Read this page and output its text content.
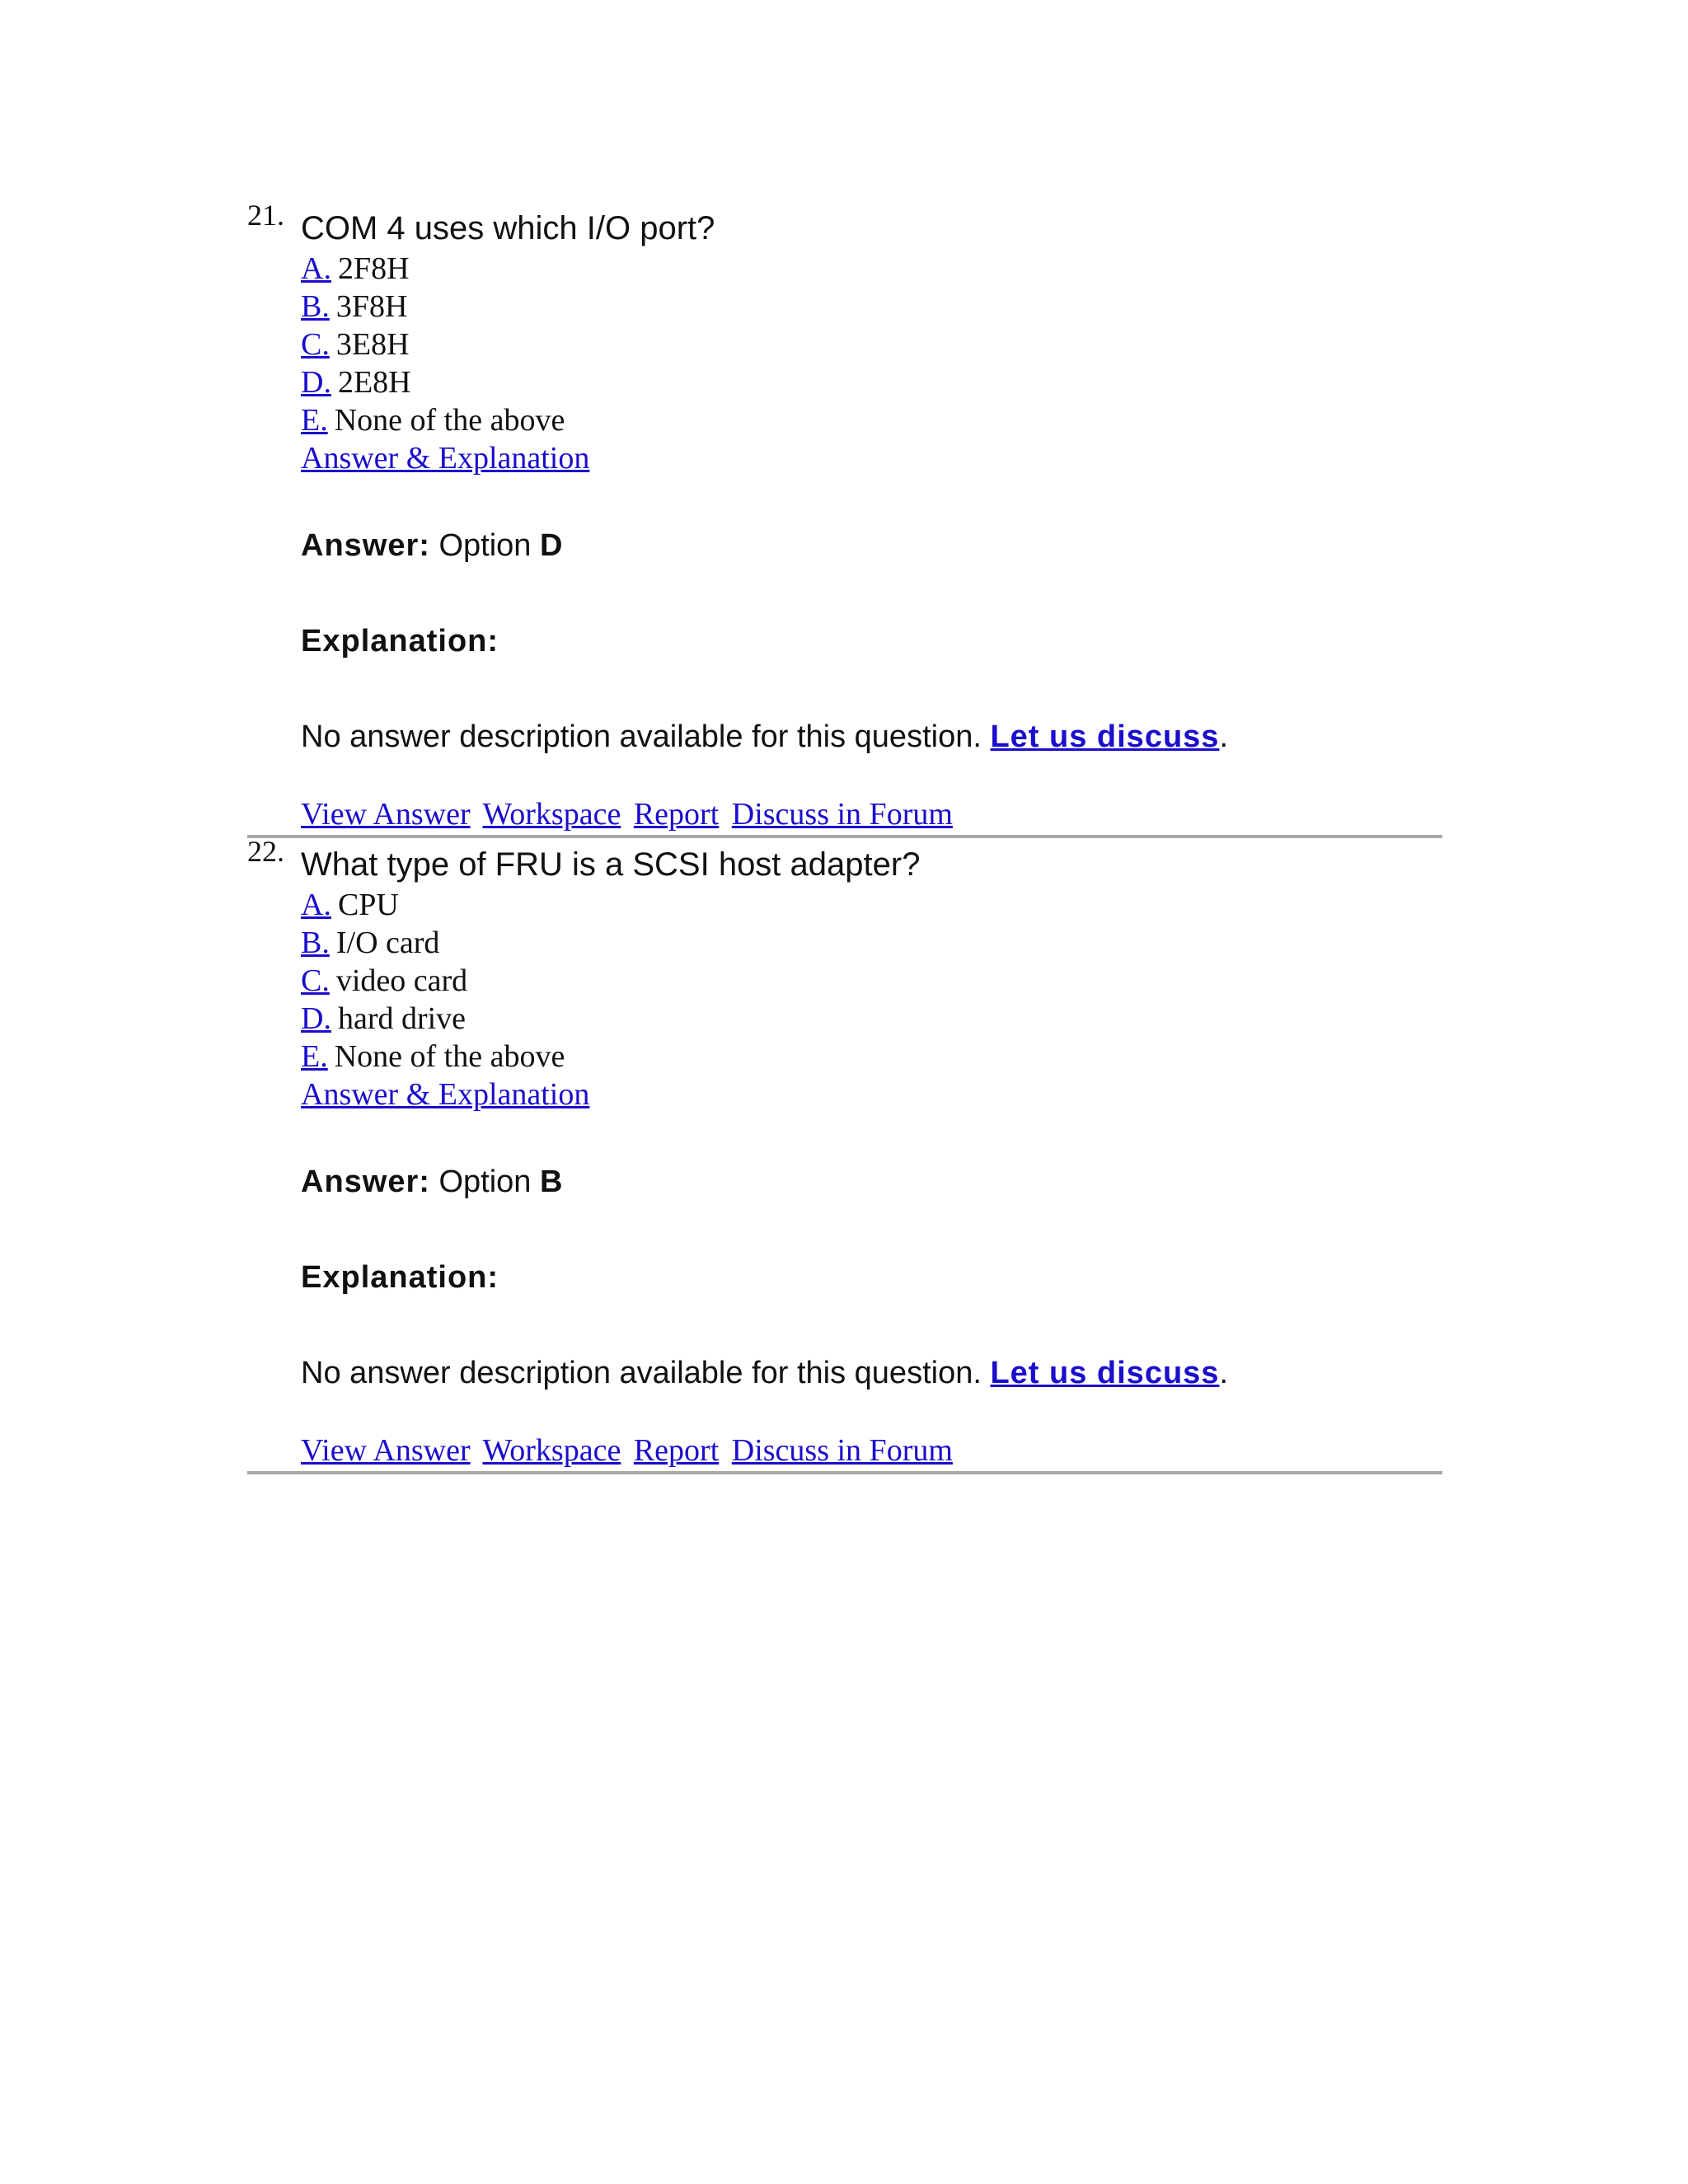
21. COM 4 uses which I/O port?

A. 2F8H
B. 3F8H
C. 3E8H
D. 2E8H
E. None of the above
Answer & Explanation
Answer: Option D
Explanation:
No answer description available for this question. Let us discuss.
View Answer Workspace Report Discuss in Forum
22. What type of FRU is a SCSI host adapter?

A. CPU
B. I/O card
C. video card
D. hard drive
E. None of the above
Answer & Explanation
Answer: Option B
Explanation:
No answer description available for this question. Let us discuss.
View Answer Workspace Report Discuss in Forum
